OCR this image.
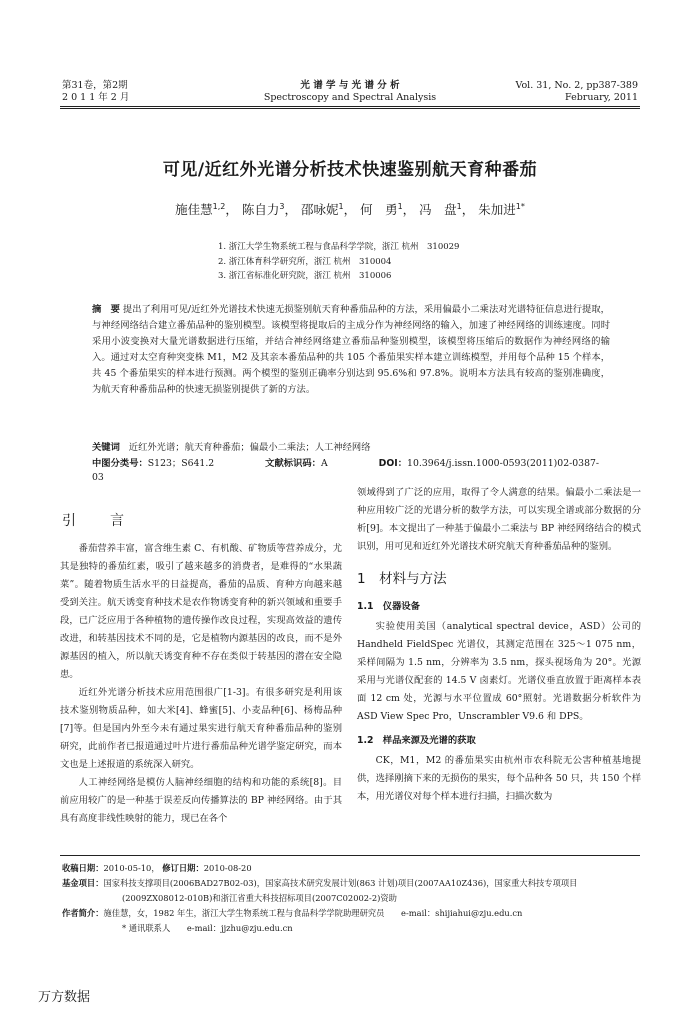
第31卷，第2期
2 0 1 1 年 2 月
光 谱 学 与 光 谱 分 析
Spectroscopy and Spectral Analysis
Vol. 31, No. 2, pp387-389
February, 2011
可见/近红外光谱分析技术快速鉴别航天育种番茄
施佳慧$^{1,2}$， 陈自力$^3$， 邵咏妮$^1$， 何　勇$^1$， 冯　盘$^1$， 朱加进$^{1*}$
1. 浙江大学生物系统工程与食品科学学院，浙江 杭州　310029
2. 浙江体育科学研究所，浙江 杭州　310004
3. 浙江省标准化研究院，浙江 杭州　310006
摘　要 提出了利用可见/近红外光谱技术快速无损鉴别航天育种番茄品种的方法，采用偏最小二乘法对光谱特征信息进行提取，与神经网络结合建立番茄品种的鉴别模型。该模型将提取后的主成分作为神经网络的输入，加速了神经网络的训练速度。同时采用小波变换对大量光谱数据进行压缩，并结合神经网络建立番茄品种鉴别模型，该模型将压缩后的数据作为神经网络的输入。通过对太空育种突变株 M1，M2 及其亲本番茄品种的共 105 个番茄果实样本建立训练模型，并用每个品种 15 个样本，共 45 个番茄果实的样本进行预测。两个模型的鉴别正确率分别达到 95.6%和 97.8%。说明本方法具有较高的鉴别准确度，为航天育种番茄品种的快速无损鉴别提供了新的方法。
关键词 近红外光谱；航天育种番茄；偏最小二乘法；人工神经网络
中图分类号：S123；S641.2	文献标识码：A	DOI：10.3964/j.issn.1000-0593(2011)02-0387-03
引　言

番茄营养丰富，富含维生素 C、有机酸、矿物质等营养成分，尤其是独特的番茄红素，吸引了越来越多的消费者，是难得的“水果蔬菜”。随着物质生活水平的日益提高，番茄的品质、育种方向越来越受到关注。航天诱变育种技术是农作物诱变育种的新兴领域和重要手段，已广泛应用于各种植物的遗传操作改良过程，实现高效益的遗传改进，和转基因技术不同的是，它是植物内源基因的改良，而不是外源基因的植入，所以航天诱变育种不存在类似于转基因的潜在安全隐患。

近红外光谱分析技术应用范围很广[1-3]。有很多研究是利用该技术鉴别物质品种，如大米[4]、蜂蜜[5]、小麦品种[6]、杨梅品种[7]等。但是国内外至今未有通过果实进行航天育种番茄品种的鉴别研究，此前作者已报道通过叶片进行番茄品种光谱学鉴定研究，而本文也是上述报道的系统深入研究。

人工神经网络是模仿人脑神经细胞的结构和功能的系统[8]。目前应用较广的是一种基于误差反向传播算法的 BP 神经网络。由于其具有高度非线性映射的能力，现已在各个

领域得到了广泛的应用，取得了令人满意的结果。偏最小二乘法是一种应用较广泛的光谱分析的数学方法，可以实现全谱或部分数据的分析[9]。本文提出了一种基于偏最小二乘法与 BP 神经网络结合的模式识别，用可见和近红外光谱技术研究航天育种番茄品种的鉴别。

1　材料与方法
1.1　仪器设备

实验使用美国（analytical spectral device，ASD）公司的 Handheld FieldSpec 光谱仪，其测定范围在 325～1 075 nm，采样间隔为 1.5 nm，分辨率为 3.5 nm，探头视场角为 20°。光源采用与光谱仪配套的 14.5 V 卤素灯。光谱仪垂直放置于距离样本表面 12 cm 处，光源与水平位置成 60°照射。光谱数据分析软件为 ASD View Spec Pro，Unscrambler V9.6 和 DPS。

1.2　样品来源及光谱的获取

CK，M1，M2 的番茄果实由杭州市农科院无公害种植基地提供，选择刚摘下来的无损伤的果实，每个品种各 50 只，共 150 个样本，用光谱仪对每个样本进行扫描，扫描次数为

收稿日期：2010-05-10， 修订日期：2010-08-20
基金项目：国家科技支撑项目(2006BAD27B02-03)，国家高技术研究发展计划(863 计划)项目(2007AA10Z436)，国家重大科技专项项目
(2009ZX08012-010B)和浙江省重大科技招标项目(2007C02002-2)资助
作者简介：施佳慧，女，1982 年生，浙江大学生物系统工程与食品科学学院助理研究员　　e-mail：shijiahui@zju.edu.cn
* 通讯联系人　　e-mail：jjzhu@zju.edu.cn
万方数据
